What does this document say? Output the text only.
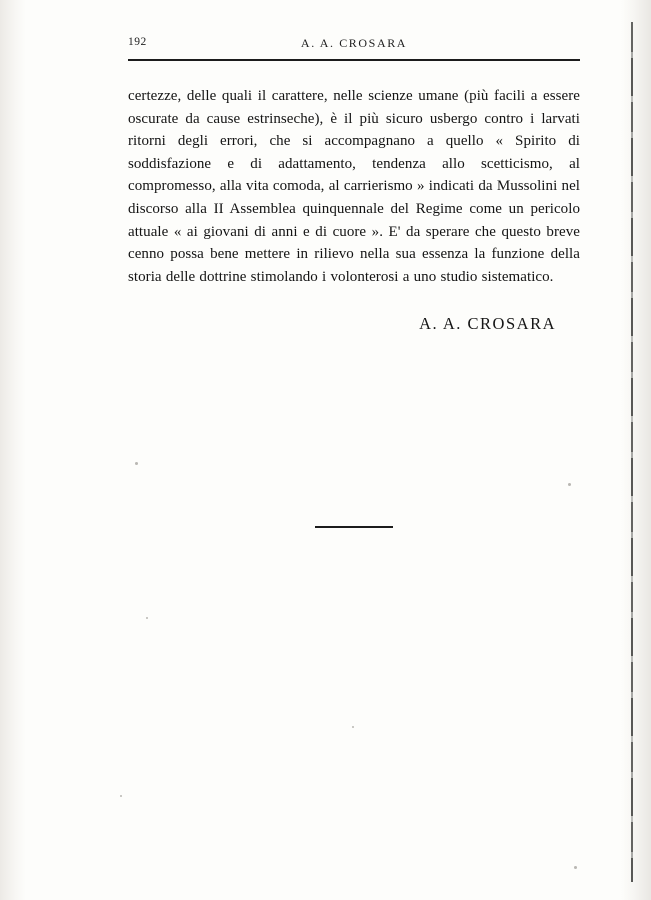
192	A. A. CROSARA

certezze, delle quali il carattere, nelle scienze umane (più facili a essere oscurate da cause estrinseche), è il più sicuro usbergo contro i larvati ritorni degli errori, che si accompagnano a quello « Spirito di soddisfazione e di adattamento, tendenza allo scetticismo, al compromesso, alla vita comoda, al carrierismo » indicati da Mussolini nel discorso alla II Assemblea quinquennale del Regime come un pericolo attuale « ai giovani di anni e di cuore ». E' da sperare che questo breve cenno possa bene mettere in rilievo nella sua essenza la funzione della storia delle dottrine stimolando i volonterosi a uno studio sistematico.

A. A. CROSARA
